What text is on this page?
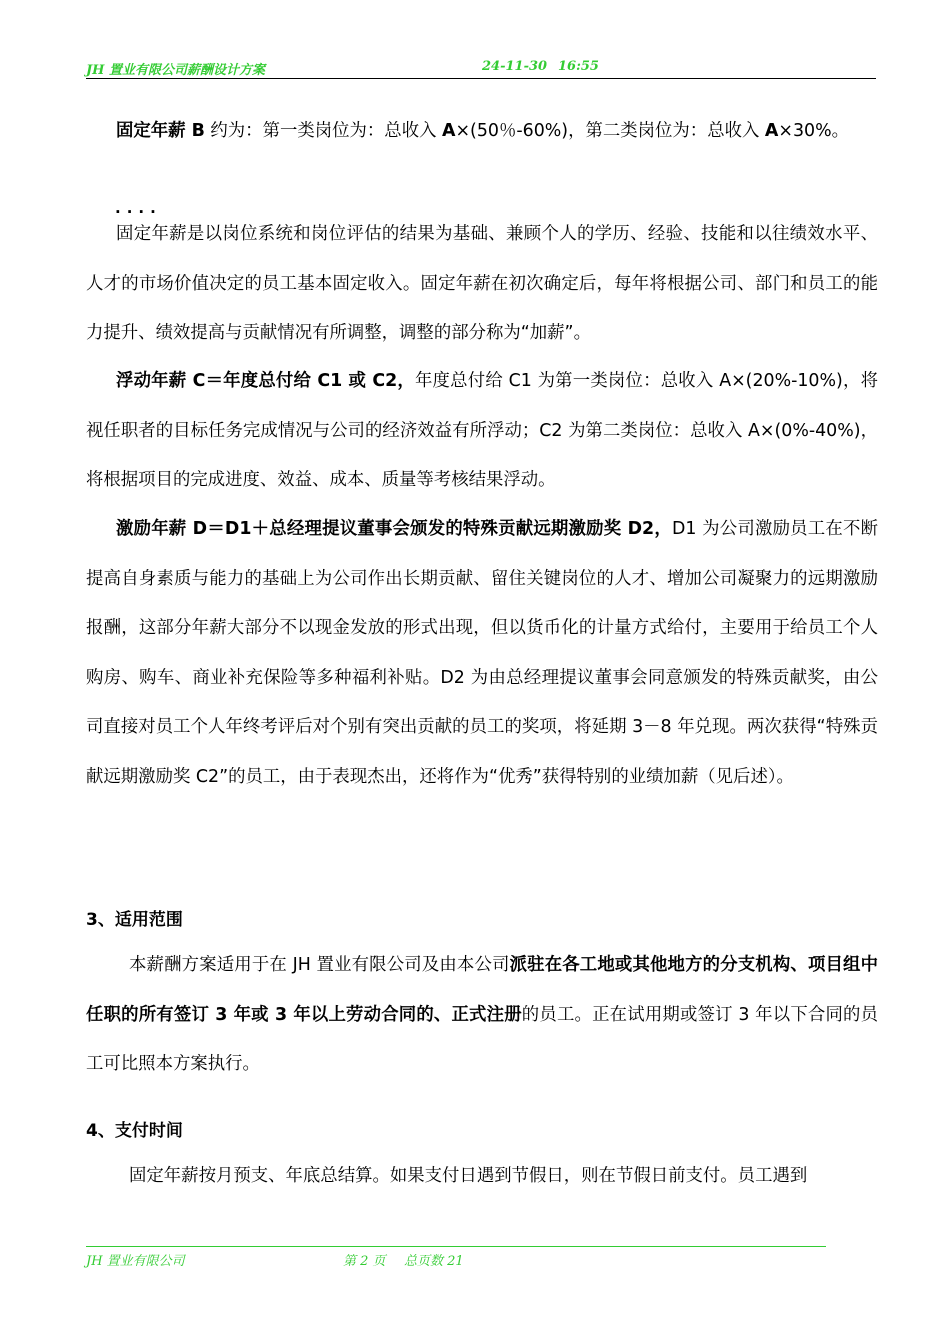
JH 置业有限公司薪酬设计方案	24-11-30 16:55

固定年薪 B 约为：第一类岗位为：总收入 A×(50％-60%)，第二类岗位为：总收入 A×30%。

····

固定年薪是以岗位系统和岗位评估的结果为基础、兼顾个人的学历、经验、技能和以往绩效水平、人才的市场价值决定的员工基本固定收入。固定年薪在初次确定后，每年将根据公司、部门和员工的能力提升、绩效提高与贡献情况有所调整，调整的部分称为“加薪”。

浮动年薪 C＝年度总付给 C1 或 C2，年度总付给 C1 为第一类岗位：总收入 A×(20%-10%)，将视任职者的目标任务完成情况与公司的经济效益有所浮动；C2 为第二类岗位：总收入 A×(0%-40%)，将根据项目的完成进度、效益、成本、质量等考核结果浮动。

激励年薪 D＝D1＋总经理提议董事会颁发的特殊贡献远期激励奖 D2，D1 为公司激励员工在不断提高自身素质与能力的基础上为公司作出长期贡献、留住关键岗位的人才、增加公司凝聚力的远期激励报酬，这部分年薪大部分不以现金发放的形式出现，但以货币化的计量方式给付，主要用于给员工个人购房、购车、商业补充保险等多种福利补贴。D2 为由总经理提议董事会同意颁发的特殊贡献奖，由公司直接对员工个人年终考评后对个别有突出贡献的员工的奖项，将延期 3－8 年兑现。两次获得“特殊贡献远期激励奖 C2”的员工，由于表现杰出，还将作为“优秀”获得特别的业绩加薪（见后述）。

3、适用范围

本薪酬方案适用于在 JH 置业有限公司及由本公司派驻在各工地或其他地方的分支机构、项目组中任职的所有签订 3 年或 3 年以上劳动合同的、正式注册的员工。正在试用期或签订 3 年以下合同的员工可比照本方案执行。

4、支付时间

固定年薪按月预支、年底总结算。如果支付日遇到节假日，则在节假日前支付。员工遇到

JH 置业有限公司	第 2 页 总页数 21
